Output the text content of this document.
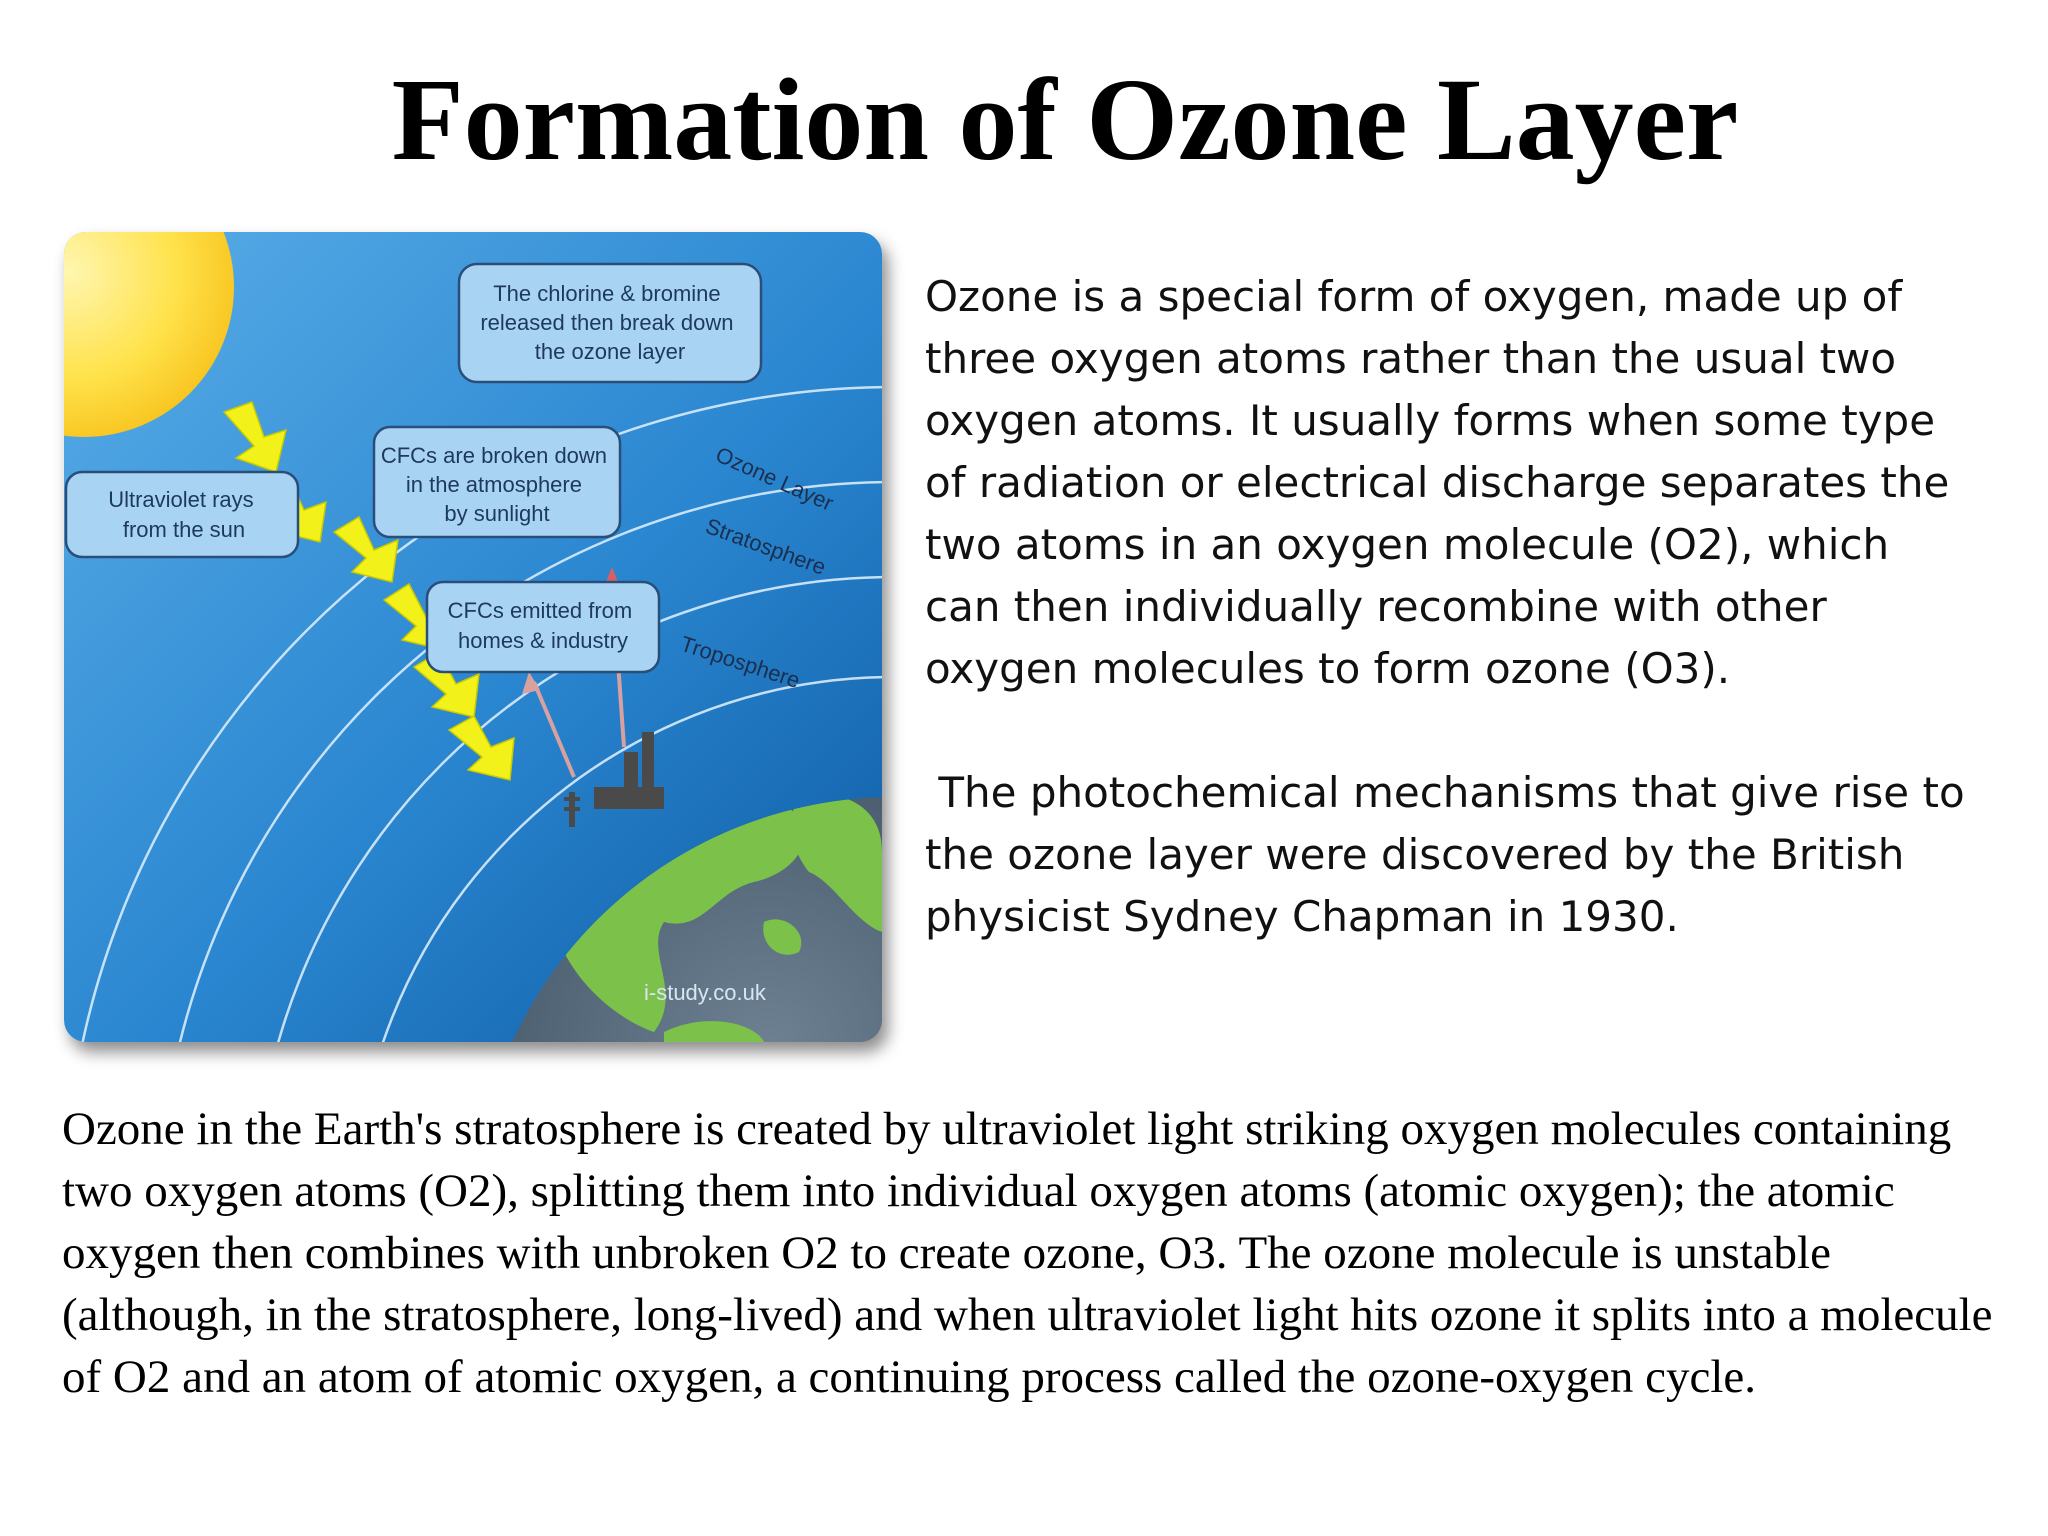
Formation of Ozone Layer
The chlorine & bromine released then break down the ozone layer
CFCs are broken down in the atmosphere by sunlight
Ultraviolet rays from the sun
CFCs emitted from homes & industry
Ozone Layer
Stratosphere
Troposphere
i-study.co.uk

Ozone is a special form of oxygen, made up of three oxygen atoms rather than the usual two oxygen atoms. It usually forms when some type of radiation or electrical discharge separates the two atoms in an oxygen molecule (O2), which can then individually recombine with other oxygen molecules to form ozone (O3).

The photochemical mechanisms that give rise to the ozone layer were discovered by the British physicist Sydney Chapman in 1930.

Ozone in the Earth's stratosphere is created by ultraviolet light striking oxygen molecules containing two oxygen atoms (O2), splitting them into individual oxygen atoms (atomic oxygen); the atomic oxygen then combines with unbroken O2 to create ozone, O3. The ozone molecule is unstable (although, in the stratosphere, long-lived) and when ultraviolet light hits ozone it splits into a molecule of O2 and an atom of atomic oxygen, a continuing process called the ozone-oxygen cycle.
